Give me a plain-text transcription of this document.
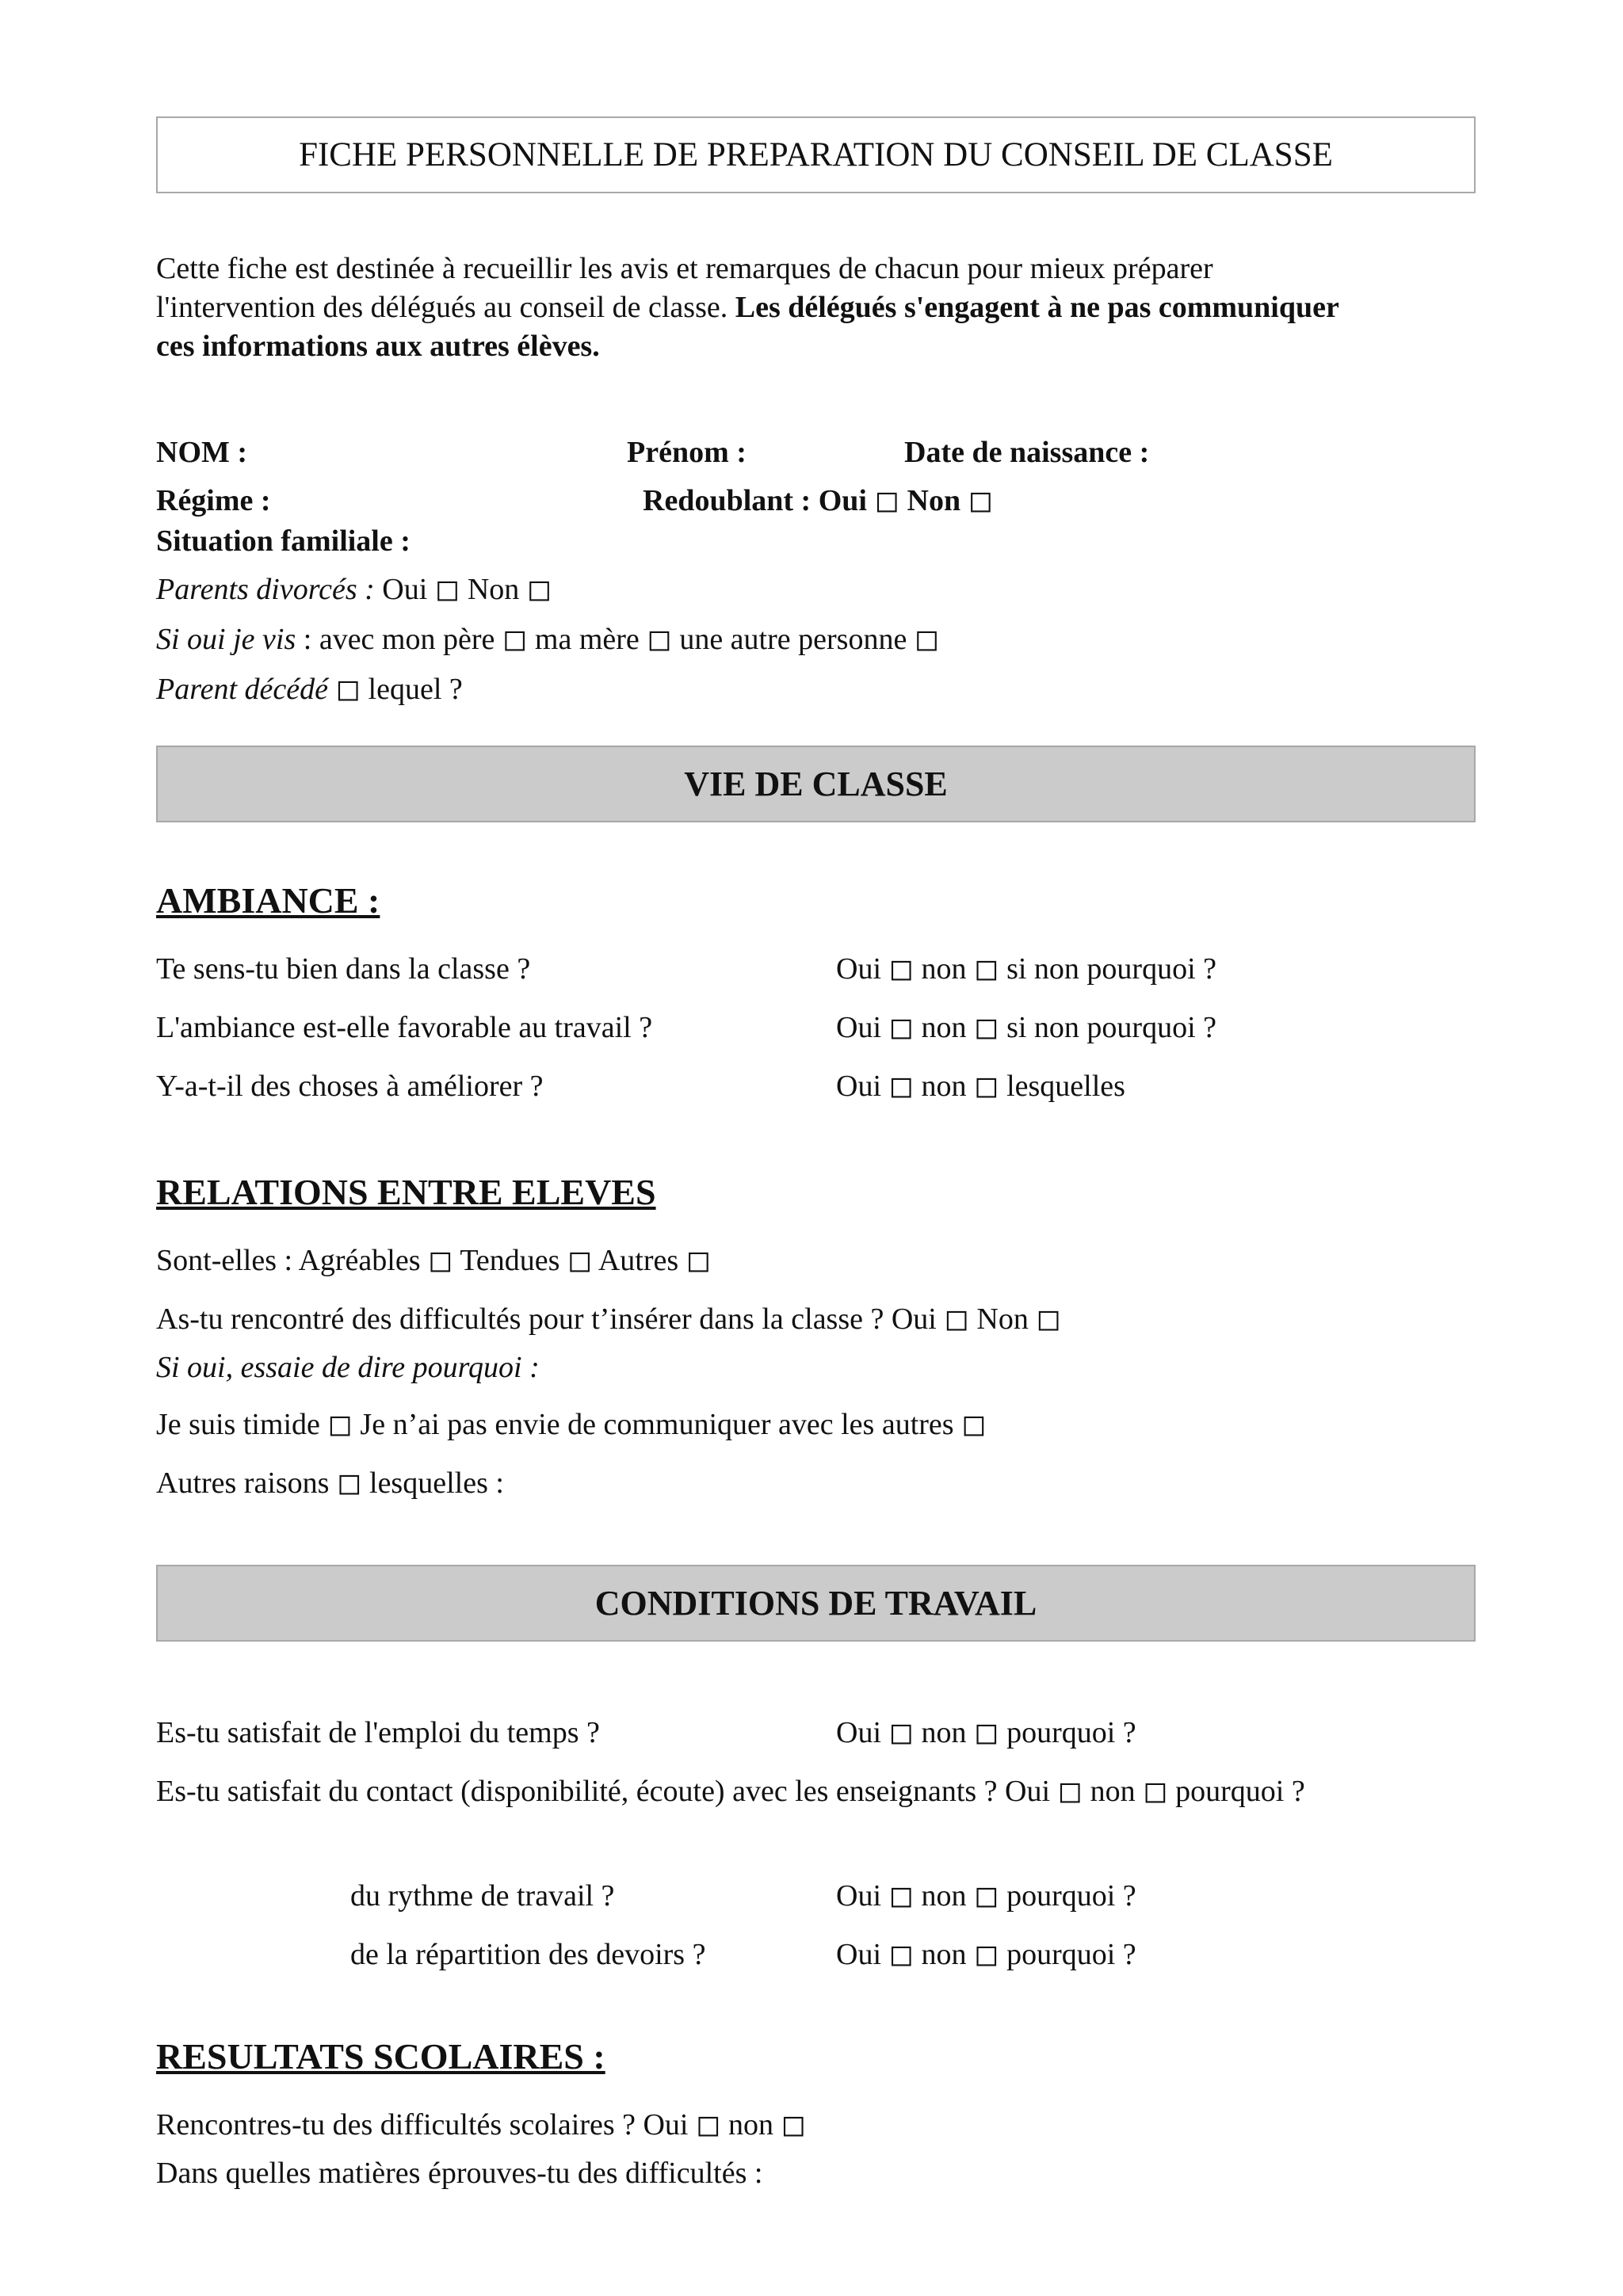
FICHE PERSONNELLE DE PREPARATION DU CONSEIL DE CLASSE

Cette fiche est destinée à recueillir les avis et remarques de chacun pour mieux préparer

l'intervention des délégués au conseil de classe. Les délégués s'engagent à ne pas communiquer

ces informations aux autres élèves.

NOM :	Prénom :	Date de naissance :

Régime :	Redoublant : Oui ◻ Non ◻

Situation familiale :

Parents divorcés : Oui ◻ Non ◻

Si oui je vis : avec mon père ◻ ma mère ◻ une autre personne ◻

Parent décédé ◻ lequel ?

VIE DE CLASSE

AMBIANCE :

Te sens-tu bien dans la classe ?	Oui ◻ non ◻ si non pourquoi ?

L'ambiance est-elle favorable au travail ?	Oui ◻ non ◻ si non pourquoi ?

Y-a-t-il des choses à améliorer ?	Oui ◻ non ◻ lesquelles

RELATIONS ENTRE ELEVES

Sont-elles : Agréables ◻ Tendues ◻ Autres ◻

As-tu rencontré des difficultés pour t’insérer dans la classe ? Oui ◻ Non ◻

Si oui, essaie de dire pourquoi :

Je suis timide ◻ Je n’ai pas envie de communiquer avec les autres ◻

Autres raisons ◻ lesquelles :

CONDITIONS DE TRAVAIL

Es-tu satisfait de l'emploi du temps ?	Oui ◻ non ◻ pourquoi ?

Es-tu satisfait du contact (disponibilité, écoute) avec les enseignants ? Oui ◻ non ◻ pourquoi ?

du rythme de travail ?	Oui ◻ non ◻ pourquoi ?

de la répartition des devoirs ?	Oui ◻ non ◻ pourquoi ?

RESULTATS SCOLAIRES :

Rencontres-tu des difficultés scolaires ? Oui ◻ non ◻

Dans quelles matières éprouves-tu des difficultés :
